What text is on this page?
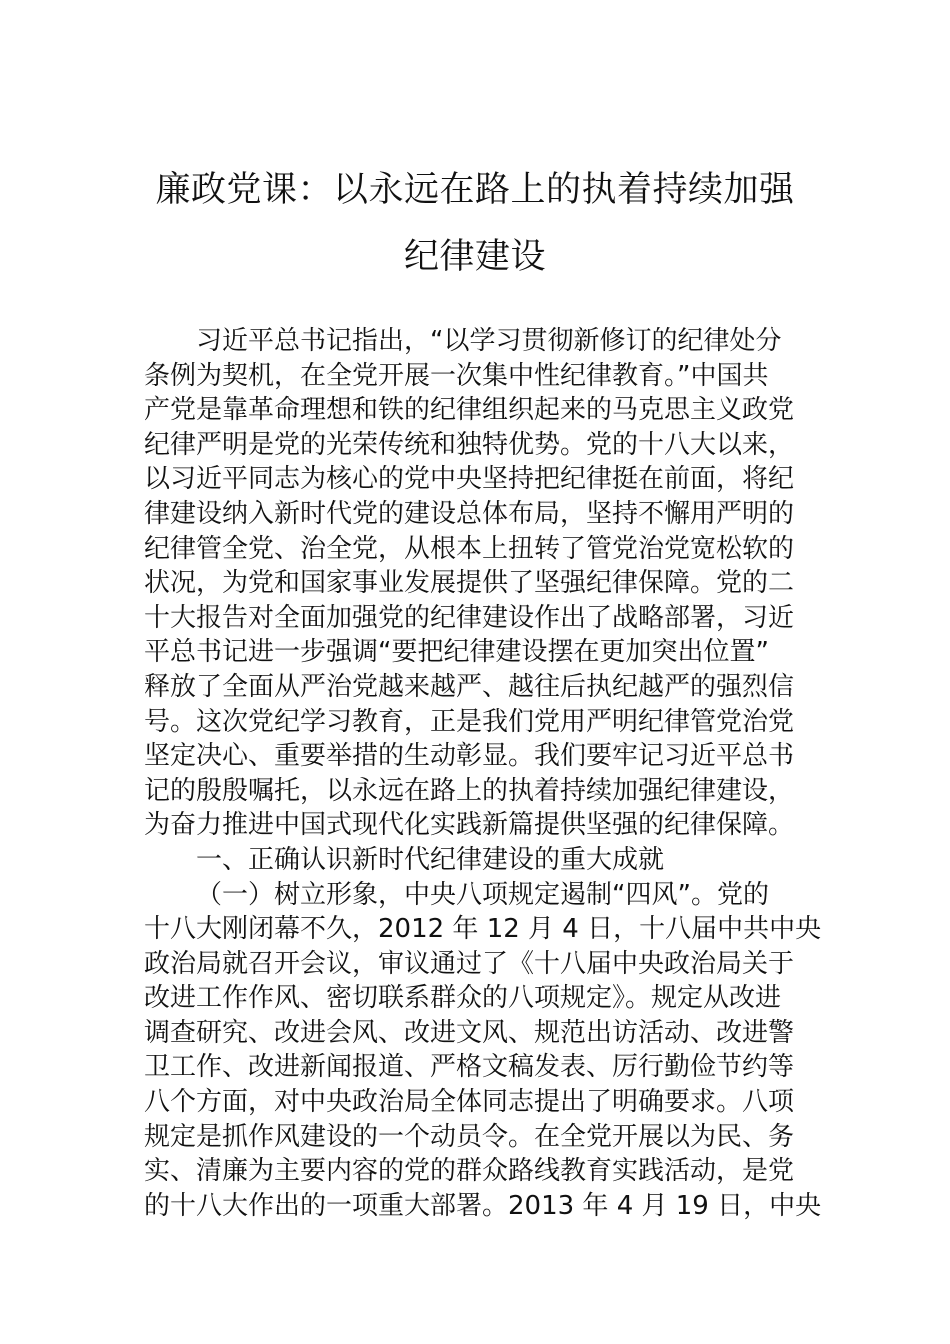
廉政党课：以永远在路上的执着持续加强
纪律建设
习近平总书记指出，“以学习贯彻新修订的纪律处分
条例为契机，在全党开展一次集中性纪律教育。”中国共
产党是靠革命理想和铁的纪律组织起来的马克思主义政党
纪律严明是党的光荣传统和独特优势。党的十八大以来，
以习近平同志为核心的党中央坚持把纪律挺在前面，将纪
律建设纳入新时代党的建设总体布局，坚持不懈用严明的
纪律管全党、治全党，从根本上扭转了管党治党宽松软的
状况，为党和国家事业发展提供了坚强纪律保障。党的二
十大报告对全面加强党的纪律建设作出了战略部署，习近
平总书记进一步强调“要把纪律建设摆在更加突出位置”
释放了全面从严治党越来越严、越往后执纪越严的强烈信
号。这次党纪学习教育，正是我们党用严明纪律管党治党
坚定决心、重要举措的生动彰显。我们要牢记习近平总书
记的殷殷嘱托，以永远在路上的执着持续加强纪律建设，
为奋力推进中国式现代化实践新篇提供坚强的纪律保障。
一、正确认识新时代纪律建设的重大成就
（一）树立形象，中央八项规定遏制“四风”。党的
十八大刚闭幕不久，2012 年 12 月 4 日，十八届中共中央
政治局就召开会议，审议通过了《十八届中央政治局关于
改进工作作风、密切联系群众的八项规定》。规定从改进
调查研究、改进会风、改进文风、规范出访活动、改进警
卫工作、改进新闻报道、严格文稿发表、厉行勤俭节约等
八个方面，对中央政治局全体同志提出了明确要求。八项
规定是抓作风建设的一个动员令。在全党开展以为民、务
实、清廉为主要内容的党的群众路线教育实践活动，是党
的十八大作出的一项重大部署。2013 年 4 月 19 日，中央
